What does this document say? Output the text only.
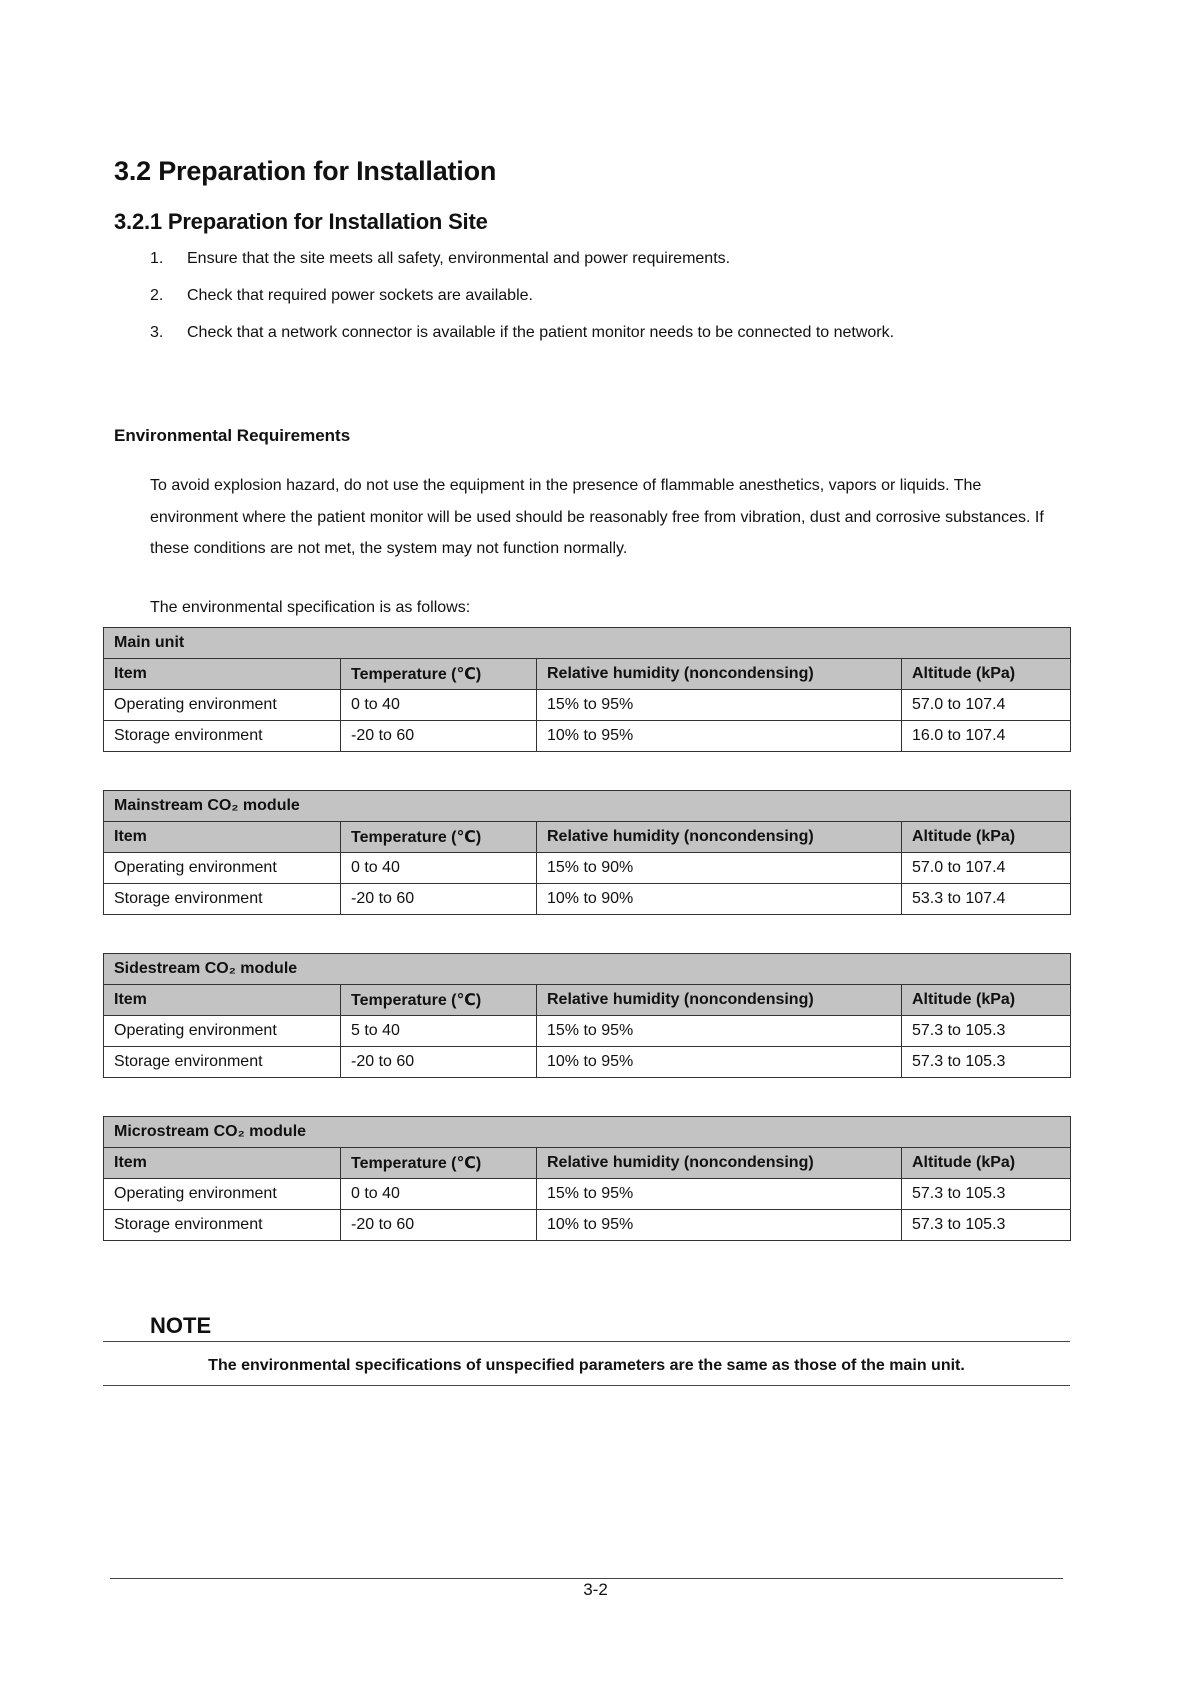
3.2 Preparation for Installation
3.2.1 Preparation for Installation Site
1.	Ensure that the site meets all safety, environmental and power requirements.
2.	Check that required power sockets are available.
3.	Check that a network connector is available if the patient monitor needs to be connected to network.
Environmental Requirements

To avoid explosion hazard, do not use the equipment in the presence of flammable anesthetics, vapors or liquids. The environment where the patient monitor will be used should be reasonably free from vibration, dust and corrosive substances. If these conditions are not met, the system may not function normally.

The environmental specification is as follows:

Main unit			
Item	Temperature (℃)	Relative humidity (noncondensing)	Altitude (kPa)
Operating environment	0 to 40	15% to 95%	57.0 to 107.4
Storage environment	-20 to 60	10% to 95%	16.0 to 107.4
Mainstream CO₂ module			
Item	Temperature (℃)	Relative humidity (noncondensing)	Altitude (kPa)
Operating environment	0 to 40	15% to 90%	57.0 to 107.4
Storage environment	-20 to 60	10% to 90%	53.3 to 107.4
Sidestream CO₂ module			
Item	Temperature (℃)	Relative humidity (noncondensing)	Altitude (kPa)
Operating environment	5 to 40	15% to 95%	57.3 to 105.3
Storage environment	-20 to 60	10% to 95%	57.3 to 105.3
Microstream CO₂ module			
Item	Temperature (℃)	Relative humidity (noncondensing)	Altitude (kPa)
Operating environment	0 to 40	15% to 95%	57.3 to 105.3
Storage environment	-20 to 60	10% to 95%	57.3 to 105.3
NOTE
The environmental specifications of unspecified parameters are the same as those of the main unit.
3-2
